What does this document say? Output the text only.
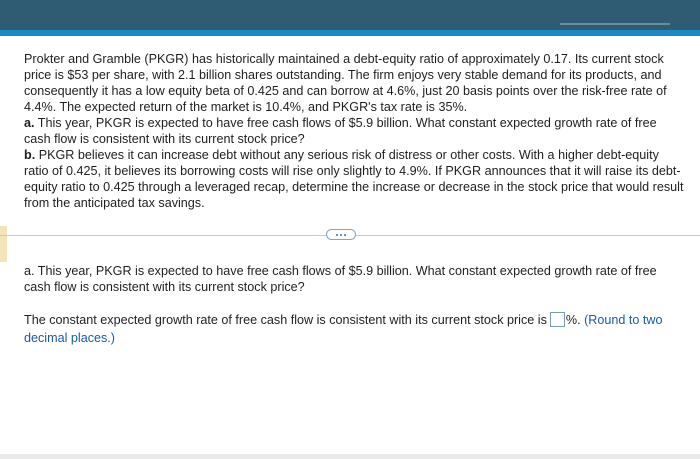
Prokter and Gramble (PKGR) has historically maintained a debt-equity ratio of approximately 0.17. Its current stock price is $53 per share, with 2.1 billion shares outstanding. The firm enjoys very stable demand for its products, and consequently it has a low equity beta of 0.425 and can borrow at 4.6%, just 20 basis points over the risk-free rate of 4.4%. The expected return of the market is 10.4%, and PKGR's tax rate is 35%.

a. This year, PKGR is expected to have free cash flows of $5.9 billion. What constant expected growth rate of free cash flow is consistent with its current stock price?

b. PKGR believes it can increase debt without any serious risk of distress or other costs. With a higher debt-equity ratio of 0.425, it believes its borrowing costs will rise only slightly to 4.9%. If PKGR announces that it will raise its debt-equity ratio to 0.425 through a leveraged recap, determine the increase or decrease in the stock price that would result from the anticipated tax savings.

a. This year, PKGR is expected to have free cash flows of $5.9 billion. What constant expected growth rate of free cash flow is consistent with its current stock price?
The constant expected growth rate of free cash flow is consistent with its current stock price is %. (Round to two decimal places.)
